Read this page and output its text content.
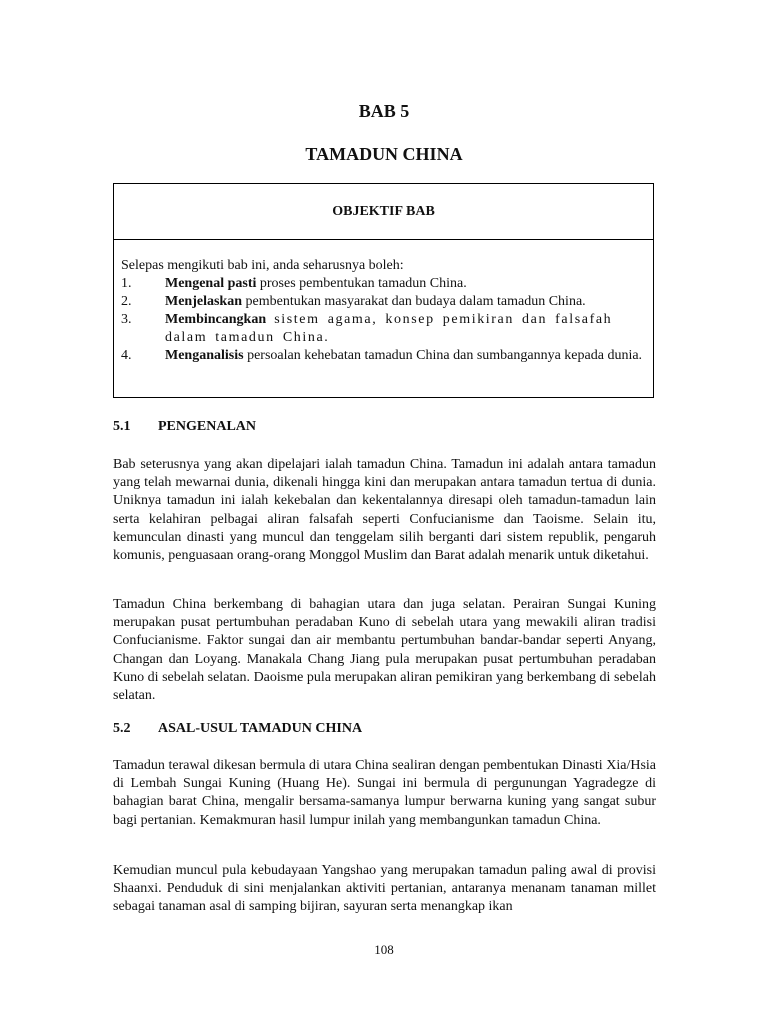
BAB 5
TAMADUN CHINA
OBJEKTIF BAB

Selepas mengikuti bab ini, anda seharusnya boleh:

1.	Mengenal pasti proses pembentukan tamadun China.
2.	Menjelaskan pembentukan masyarakat dan budaya dalam tamadun China.
3.	Membincangkan sistem agama, konsep pemikiran dan falsafah dalam tamadun China.
4.	Menganalisis persoalan kehebatan tamadun China dan sumbangannya kepada dunia.
5.1 PENGENALAN

Bab seterusnya yang akan dipelajari ialah tamadun China. Tamadun ini adalah antara tamadun yang telah mewarnai dunia, dikenali hingga kini dan merupakan antara tamadun tertua di dunia. Uniknya tamadun ini ialah kekebalan dan kekentalannya diresapi oleh tamadun-tamadun lain serta kelahiran pelbagai aliran falsafah seperti Confucianisme dan Taoisme. Selain itu, kemunculan dinasti yang muncul dan tenggelam silih berganti dari sistem republik, pengaruh komunis, penguasaan orang-orang Monggol Muslim dan Barat adalah menarik untuk diketahui.

Tamadun China berkembang di bahagian utara dan juga selatan. Perairan Sungai Kuning merupakan pusat pertumbuhan peradaban Kuno di sebelah utara yang mewakili aliran tradisi Confucianisme. Faktor sungai dan air membantu pertumbuhan bandar-bandar seperti Anyang, Changan dan Loyang. Manakala Chang Jiang pula merupakan pusat pertumbuhan peradaban Kuno di sebelah selatan. Daoisme pula merupakan aliran pemikiran yang berkembang di sebelah selatan.

5.2 ASAL-USUL TAMADUN CHINA

Tamadun terawal dikesan bermula di utara China sealiran dengan pembentukan Dinasti Xia/Hsia di Lembah Sungai Kuning (Huang He). Sungai ini bermula di pergunungan Yagradegze di bahagian barat China, mengalir bersama-samanya lumpur berwarna kuning yang sangat subur bagi pertanian. Kemakmuran hasil lumpur inilah yang membangunkan tamadun China.

Kemudian muncul pula kebudayaan Yangshao yang merupakan tamadun paling awal di provisi Shaanxi. Penduduk di sini menjalankan aktiviti pertanian, antaranya menanam tanaman millet sebagai tanaman asal di samping bijiran, sayuran serta menangkap ikan

108
